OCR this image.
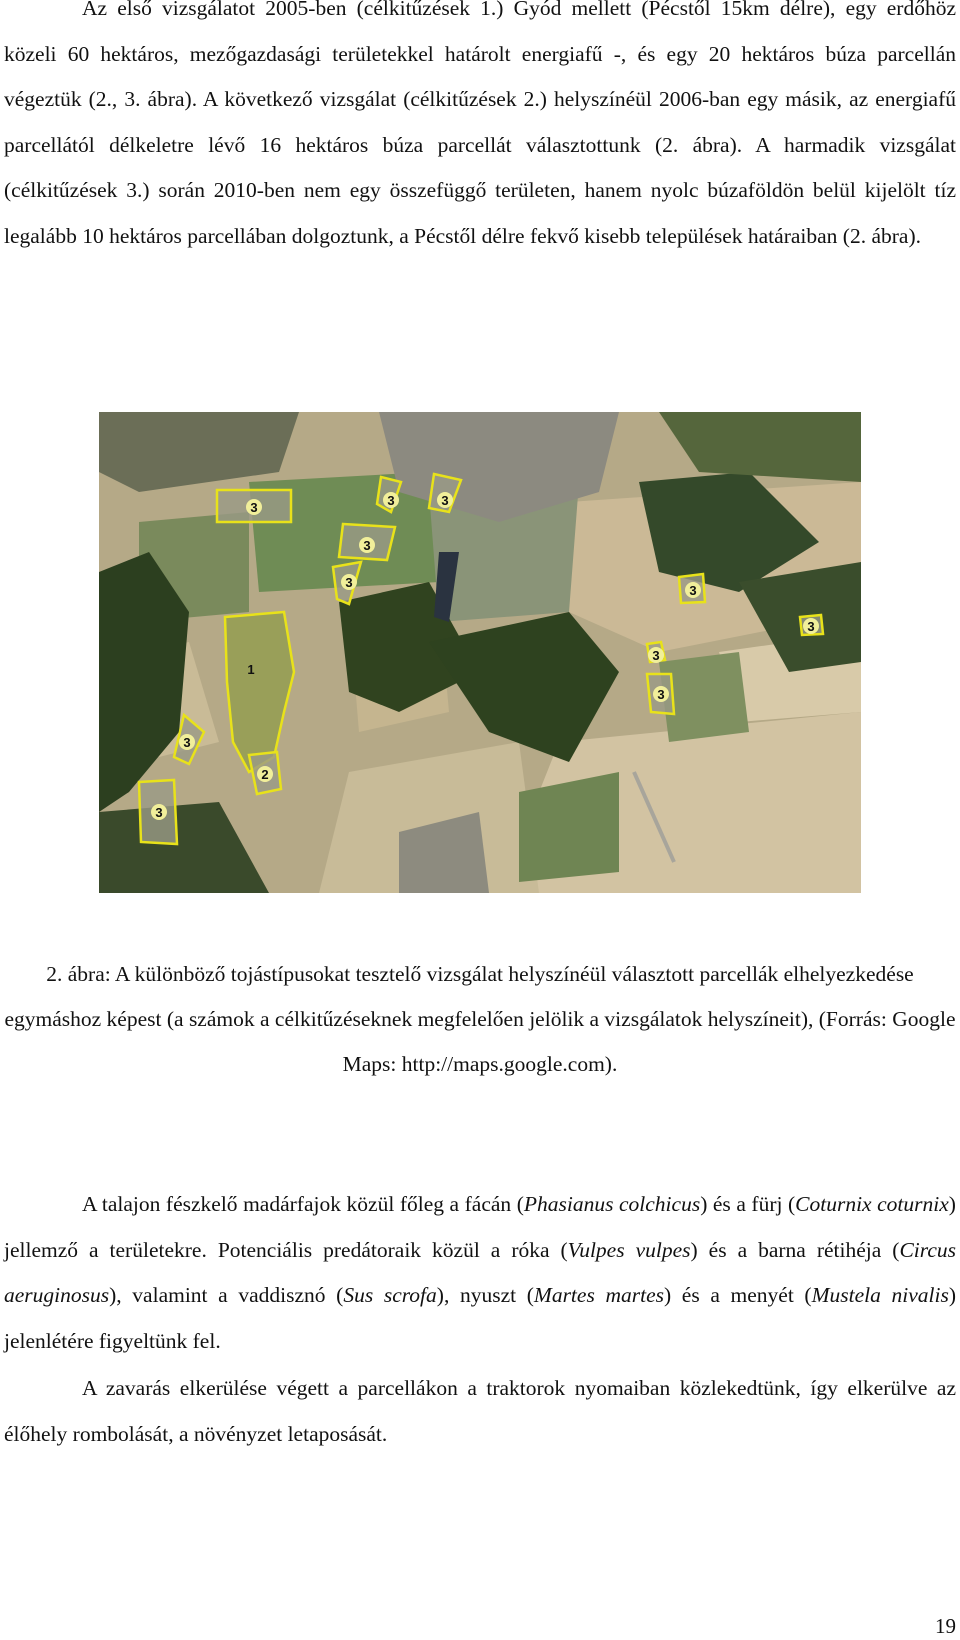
Az első vizsgálatot 2005-ben (célkitűzések 1.) Gyód mellett (Pécstől 15km délre), egy erdőhöz közeli 60 hektáros, mezőgazdasági területekkel határolt energiafű -, és egy 20 hektáros búza parcellán végeztük (2., 3. ábra). A következő vizsgálat (célkitűzések 2.) helyszínéül 2006-ban egy másik, az energiafű parcellától délkeletre lévő 16 hektáros búza parcellát választottunk (2. ábra). A harmadik vizsgálat (célkitűzések 3.) során 2010-ben nem egy összefüggő területen, hanem nyolc búzaföldön belül kijelölt tíz legalább 10 hektáros parcellában dolgoztunk, a Pécstől délre fekvő kisebb települések határaiban (2. ábra).

3	3	3
3
3
3
3
1
3
2
3
3
3

2. ábra: A különböző tojástípusokat tesztelő vizsgálat helyszínéül választott parcellák elhelyezkedése egymáshoz képest (a számok a célkitűzéseknek megfelelően jelölik a vizsgálatok helyszíneit), (Forrás: Google Maps: http://maps.google.com).

A talajon fészkelő madárfajok közül főleg a fácán (Phasianus colchicus) és a fürj (Coturnix coturnix) jellemző a területekre. Potenciális predátoraik közül a róka (Vulpes vulpes) és a barna rétihéja (Circus aeruginosus), valamint a vaddisznó (Sus scrofa), nyuszt (Martes martes) és a menyét (Mustela nivalis) jelenlétére figyeltünk fel.

A zavarás elkerülése végett a parcellákon a traktorok nyomaiban közlekedtünk, így elkerülve az élőhely rombolását, a növényzet letaposását.

19
